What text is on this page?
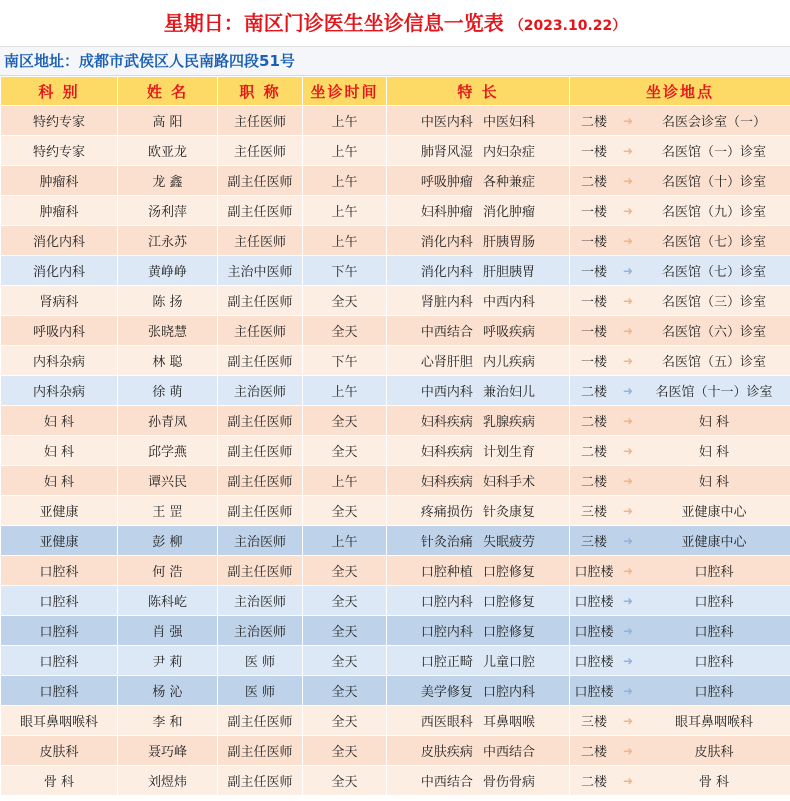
星期日：南区门诊医生坐诊信息一览表 （2023.10.22）
南区地址：成都市武侯区人民南路四段51号
科 别	姓 名	职 称	坐诊时间	特 长	坐诊地点
特约专家	高 阳	主任医师	上午	中医内科 中医妇科	二楼 ➜ 名医会诊室（一）

特约专家	欧亚龙	主任医师	上午	肺肾风湿 内妇杂症	一楼 ➜ 名医馆（一）诊室

肿瘤科	龙 鑫	副主任医师	上午	呼吸肿瘤 各种兼症	二楼 ➜ 名医馆（十）诊室

肿瘤科	汤利萍	副主任医师	上午	妇科肿瘤 消化肿瘤	一楼 ➜ 名医馆（九）诊室

消化内科	江永苏	主任医师	上午	消化内科 肝胰胃肠	一楼 ➜ 名医馆（七）诊室

消化内科	黄峥峥	主治中医师	下午	消化内科 肝胆胰胃	一楼 ➜ 名医馆（七）诊室

肾病科	陈 扬	副主任医师	全天	肾脏内科 中西内科	一楼 ➜ 名医馆（三）诊室

呼吸内科	张晓慧	主任医师	全天	中西结合 呼吸疾病	一楼 ➜ 名医馆（六）诊室

内科杂病	林 聪	副主任医师	下午	心肾肝胆 内儿疾病	一楼 ➜ 名医馆（五）诊室

内科杂病	徐 萌	主治医师	上午	中西内科 兼治妇儿	二楼 ➜ 名医馆（十一）诊室

妇 科	孙青凤	副主任医师	全天	妇科疾病 乳腺疾病	二楼 ➜ 妇 科

妇 科	邱学燕	副主任医师	全天	妇科疾病 计划生育	二楼 ➜ 妇 科

妇 科	谭兴民	副主任医师	上午	妇科疾病 妇科手术	二楼 ➜ 妇 科

亚健康	王 罡	副主任医师	全天	疼痛损伤 针灸康复	三楼 ➜ 亚健康中心

亚健康	彭 柳	主治医师	上午	针灸治痛 失眠疲劳	三楼 ➜ 亚健康中心

口腔科	何 浩	副主任医师	全天	口腔种植 口腔修复	口腔楼 ➜ 口腔科

口腔科	陈科屹	主治医师	全天	口腔内科 口腔修复	口腔楼 ➜ 口腔科

口腔科	肖 强	主治医师	全天	口腔内科 口腔修复	口腔楼 ➜ 口腔科

口腔科	尹 莉	医 师	全天	口腔正畸 儿童口腔	口腔楼 ➜ 口腔科

口腔科	杨 沁	医 师	全天	美学修复 口腔内科	口腔楼 ➜ 口腔科

眼耳鼻咽喉科	李 和	副主任医师	全天	西医眼科 耳鼻咽喉	三楼 ➜ 眼耳鼻咽喉科

皮肤科	聂巧峰	副主任医师	全天	皮肤疾病 中西结合	二楼 ➜ 皮肤科

骨 科	刘煜炜	副主任医师	全天	中西结合 骨伤骨病	二楼 ➜ 骨 科
